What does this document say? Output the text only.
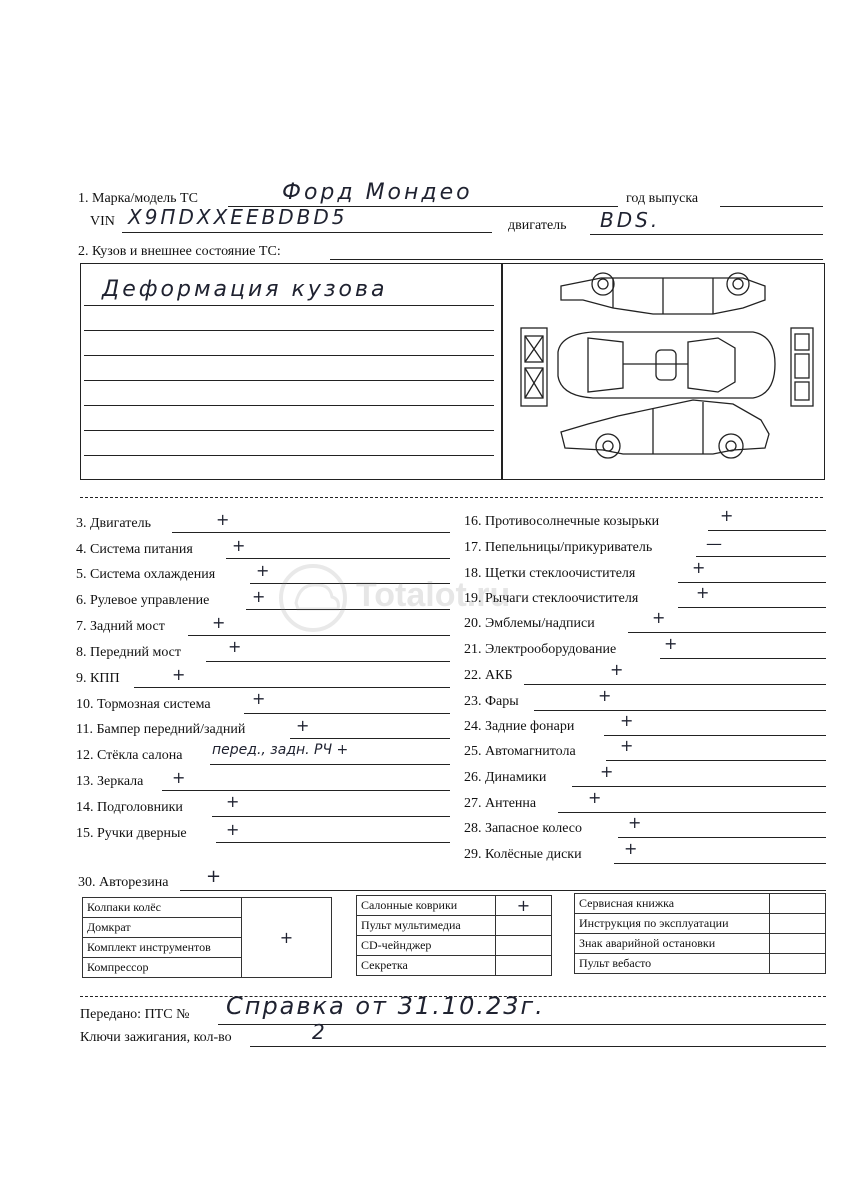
1. Марка/модель ТС	Форд Мондео	год выпуска
VIN X9ПDXXEEBDBD5	двигатель BDS.
2. Кузов и внешнее состояние ТС:
Деформация кузова
3. Двигатель	+
4. Система питания +
5. Система охлаждения	+
6. Рулевое управление	+
7. Задний мост	+
8. Передний мост	+
9. КПП	+
10. Тормозная система	+
11. Бампер передний/задний	+
12. Стёкла салона перед., задн. РЧ +
13. Зеркала +
14. Подголовники	+
15. Ручки дверные +
16. Противосолнечные козырьки	+
17. Пепельницы/прикуриватель	—
18. Щетки стеклоочистителя	+
19. Рычаги стеклоочистителя	+
20. Эмблемы/надписи	+
21. Электрооборудование	+
22. АКБ	+
23. Фары	+
24. Задние фонари	+
25. Автомагнитола	+
26. Динамики	+
27. Антенна	+
28. Запасное колесо	+
29. Колёсные диски	+
30. Авторезина +
Колпаки колёс	+
Домкрат
Комплект инструментов
Компрессор
Салонные коврики	+
Пульт мультимедиа	
CD-чейнджер	
Секретка	
Сервисная книжка	
Инструкция по эксплуатации	
Знак аварийной остановки	
Пульт вебасто	
Передано: ПТС № Справка от 31.10.23г.
Ключи зажигания, кол-во	2
Totalot.ru
